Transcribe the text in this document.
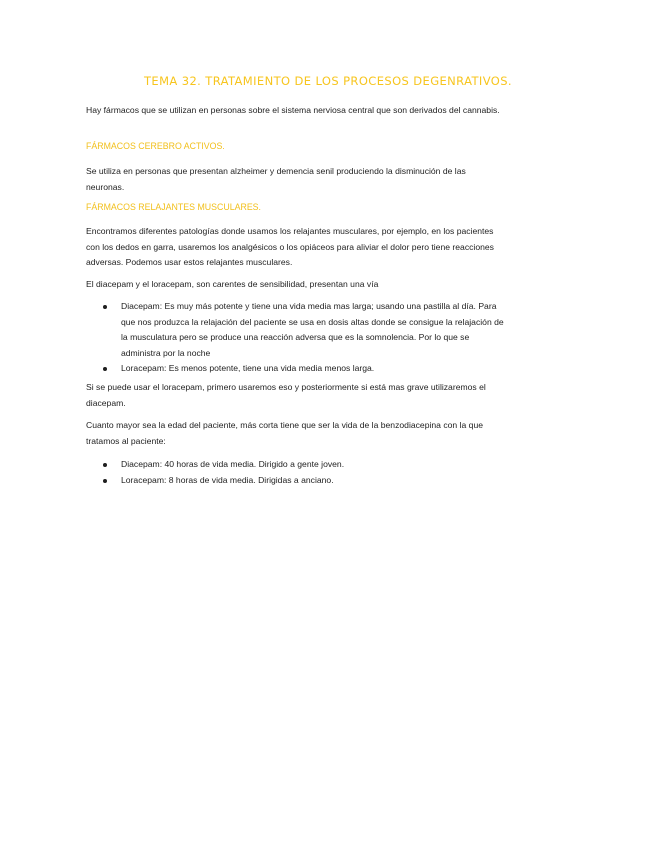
TEMA 32. TRATAMIENTO DE LOS PROCESOS DEGENRATIVOS.
Hay fármacos que se utilizan en personas sobre el sistema nerviosa central que son derivados del cannabis.
FÁRMACOS CEREBRO ACTIVOS.
Se utiliza en personas que presentan alzheimer y demencia senil produciendo la disminución de las neuronas.
FÁRMACOS RELAJANTES MUSCULARES.
Encontramos diferentes patologías donde usamos los relajantes musculares, por ejemplo, en los pacientes con los dedos en garra, usaremos los analgésicos o los opiáceos para aliviar el dolor pero tiene reacciones adversas. Podemos usar estos relajantes musculares.
El diacepam y el loracepam, son carentes de sensibilidad, presentan una vía
Diacepam: Es muy más potente y tiene una vida media mas larga; usando una pastilla al día. Para que nos produzca la relajación del paciente se usa en dosis altas donde se consigue la relajación de la musculatura pero se produce una reacción adversa que es la somnolencia. Por lo que se administra por la noche
Loracepam: Es menos potente, tiene una vida media menos larga.
Si se puede usar el loracepam, primero usaremos eso y posteriormente si está mas grave utilizaremos el diacepam.
Cuanto mayor sea la edad del paciente, más corta tiene que ser la vida de la benzodiacepina con la que tratamos al paciente:
Diacepam: 40 horas de vida media. Dirigido a gente joven.
Loracepam: 8 horas de vida media. Dirigidas a anciano.
